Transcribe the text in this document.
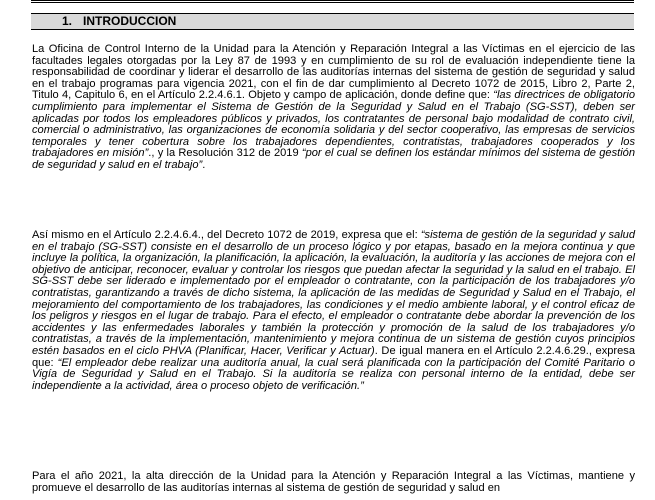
1. INTRODUCCION

La Oficina de Control Interno de la Unidad para la Atención y Reparación Integral a las Víctimas en el ejercicio de las facultades legales otorgadas por la Ley 87 de 1993 y en cumplimiento de su rol de evaluación independiente tiene la responsabilidad de coordinar y liderar el desarrollo de las auditorías internas del sistema de gestión de seguridad y salud en el trabajo programas para vigencia 2021, con el fin de dar cumplimiento al Decreto 1072 de 2015, Libro 2, Parte 2, Titulo 4, Capitulo 6, en el Artículo 2.2.4.6.1. Objeto y campo de aplicación, donde define que: “las directrices de obligatorio cumplimiento para implementar el Sistema de Gestión de la Seguridad y Salud en el Trabajo (SG-SST), deben ser aplicadas por todos los empleadores públicos y privados, los contratantes de personal bajo modalidad de contrato civil, comercial o administrativo, las organizaciones de economía solidaria y del sector cooperativo, las empresas de servicios temporales y tener cobertura sobre los trabajadores dependientes, contratistas, trabajadores cooperados y los trabajadores en misión”., y la Resolución 312 de 2019 “por el cual se definen los estándar mínimos del sistema de gestión de seguridad y salud en el trabajo”.

Así mismo en el Artículo 2.2.4.6.4., del Decreto 1072 de 2019, expresa que el: “sistema de gestión de la seguridad y salud en el trabajo (SG-SST) consiste en el desarrollo de un proceso lógico y por etapas, basado en la mejora continua y que incluye la política, la organización, la planificación, la aplicación, la evaluación, la auditoría y las acciones de mejora con el objetivo de anticipar, reconocer, evaluar y controlar los riesgos que puedan afectar la seguridad y la salud en el trabajo. El SG-SST debe ser liderado e implementado por el empleador o contratante, con la participación de los trabajadores y/o contratistas, garantizando a través de dicho sistema, la aplicación de las medidas de Seguridad y Salud en el Trabajo, el mejoramiento del comportamiento de los trabajadores, las condiciones y el medio ambiente laboral, y el control eficaz de los peligros y riesgos en el lugar de trabajo. Para el efecto, el empleador o contratante debe abordar la prevención de los accidentes y las enfermedades laborales y también la protección y promoción de la salud de los trabajadores y/o contratistas, a través de la implementación, mantenimiento y mejora continua de un sistema de gestión cuyos principios estén basados en el ciclo PHVA (Planificar, Hacer, Verificar y Actuar). De igual manera en el Artículo 2.2.4.6.29., expresa que: “El empleador debe realizar una auditoría anual, la cual será planificada con la participación del Comité Paritario o Vigía de Seguridad y Salud en el Trabajo. Si la auditoría se realiza con personal interno de la entidad, debe ser independiente a la actividad, área o proceso objeto de verificación.”

Para el año 2021, la alta dirección de la Unidad para la Atención y Reparación Integral a las Víctimas, mantiene y promueve el desarrollo de las auditorías internas al sistema de gestión de seguridad y salud en
